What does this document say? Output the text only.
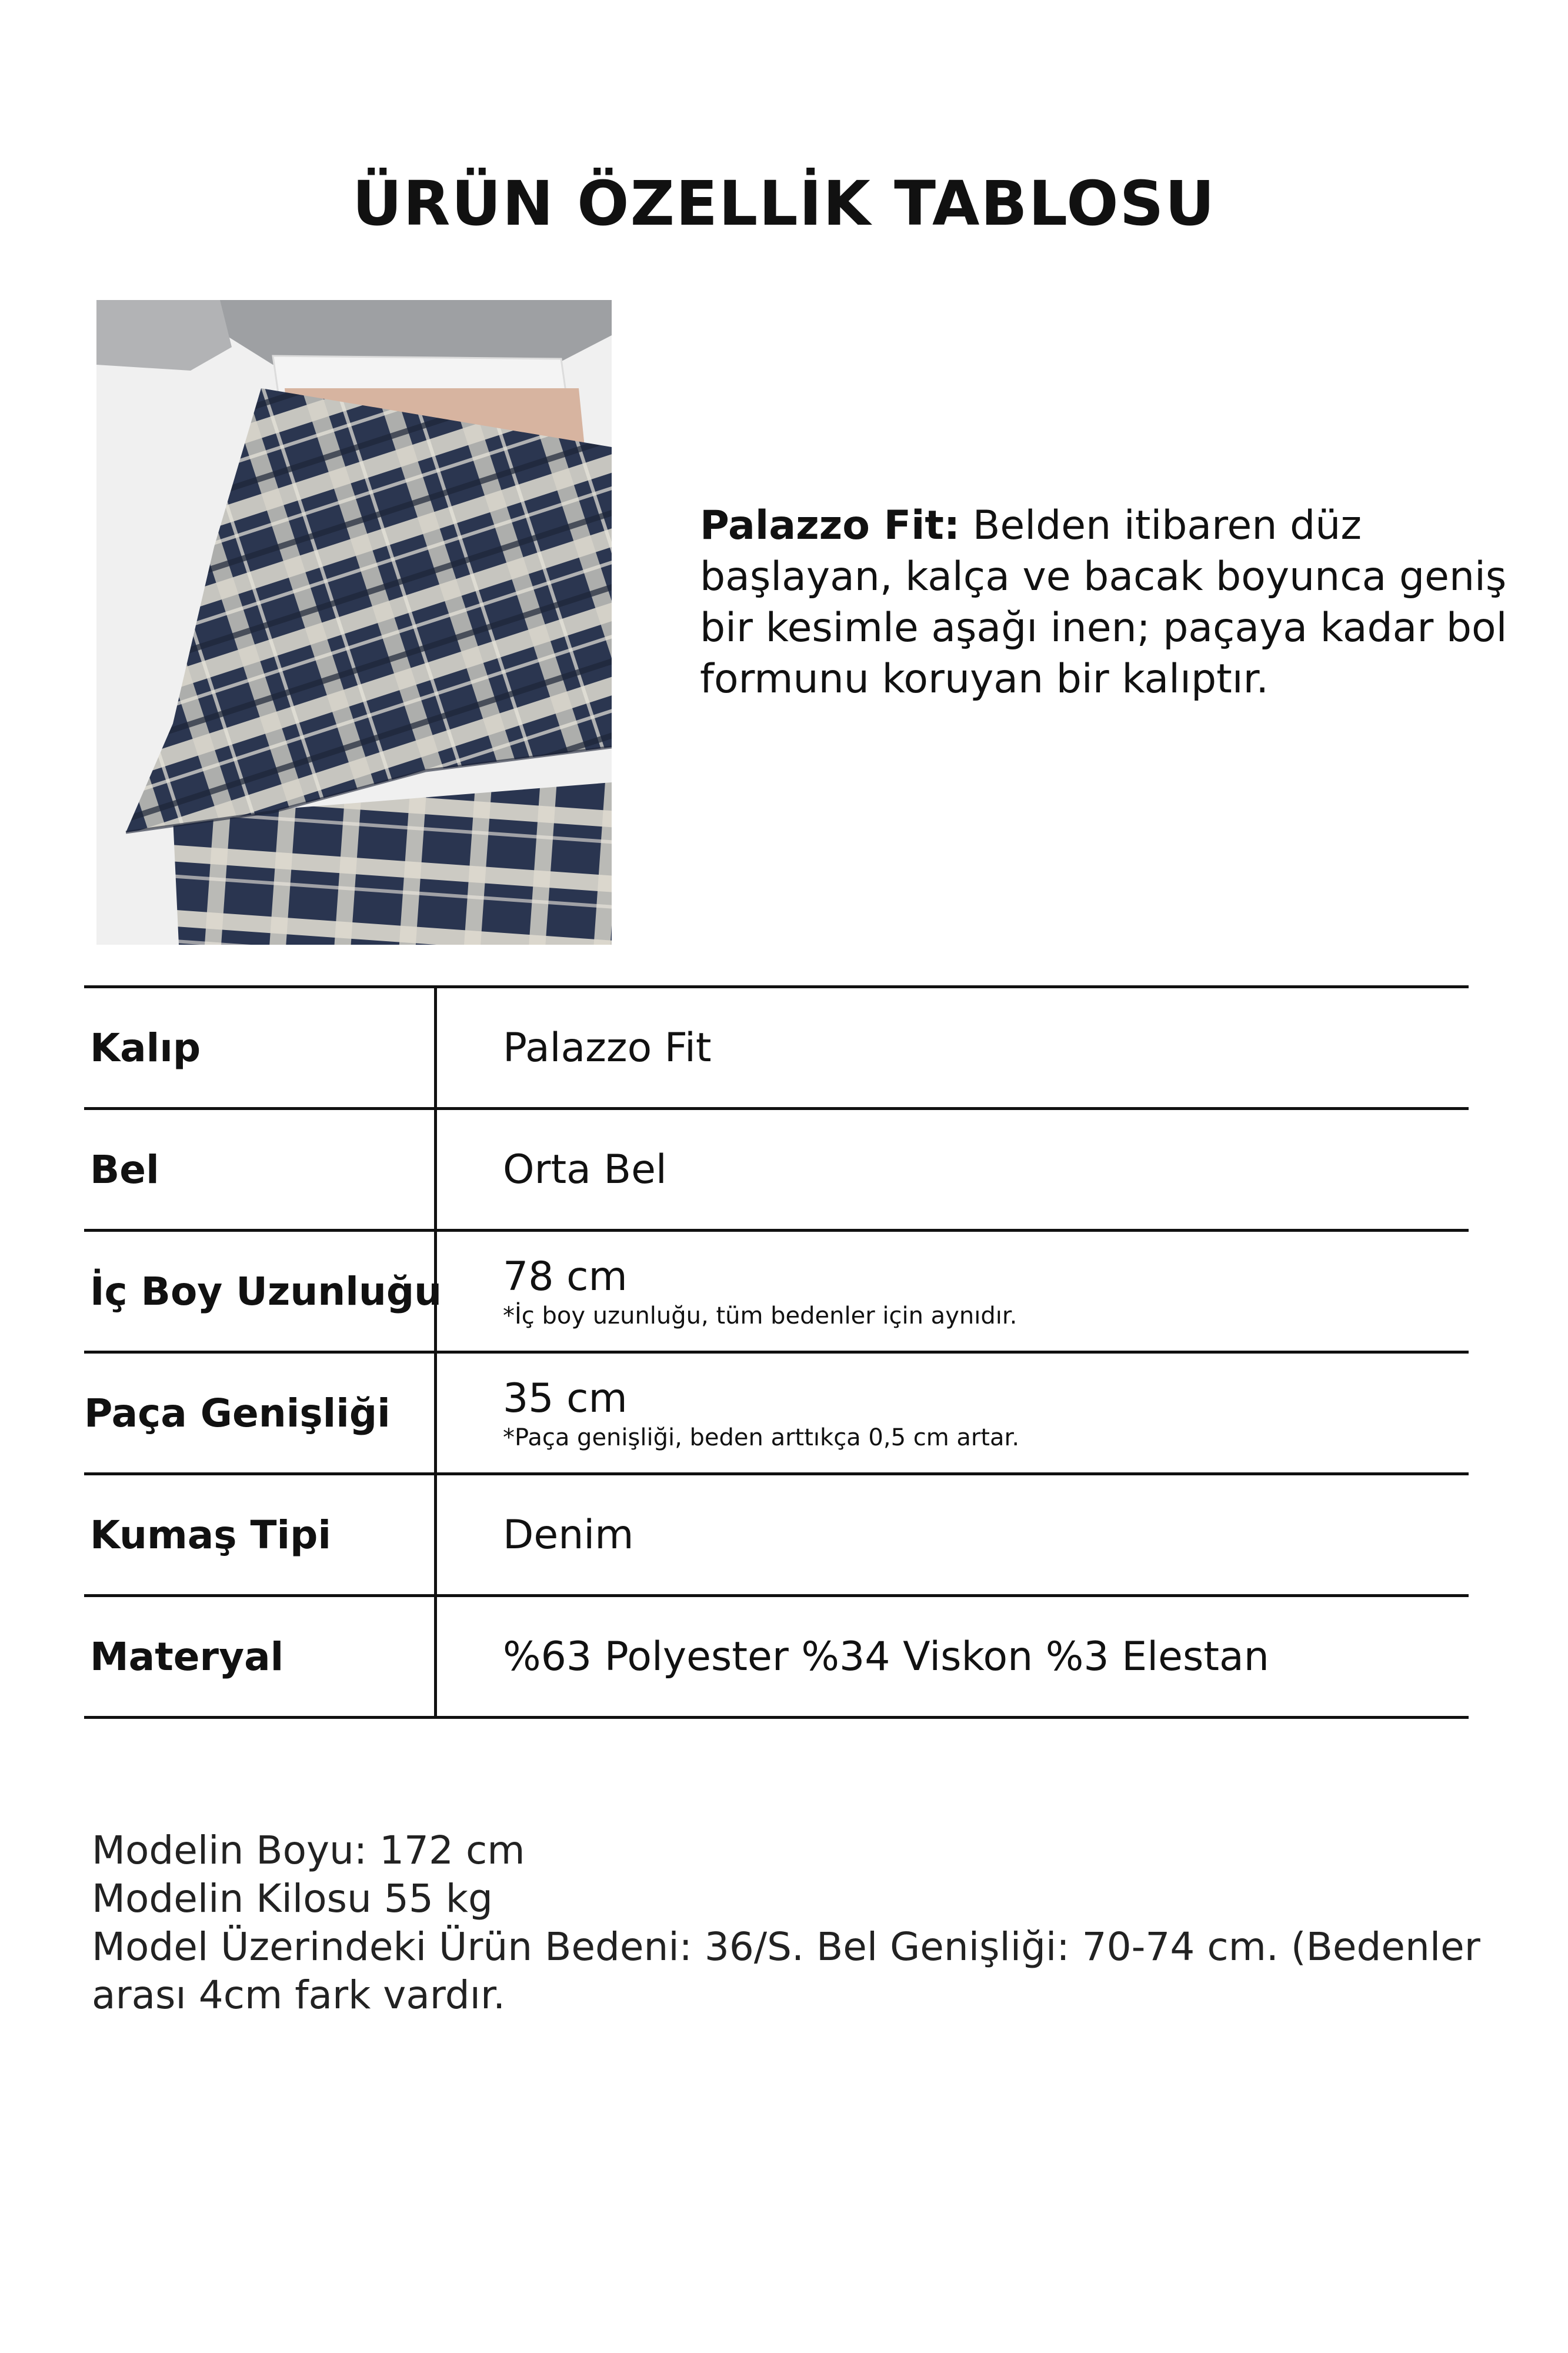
ÜRÜN ÖZELLİK TABLOSU
Palazzo Fit: Belden itibaren düz başlayan, kalça ve bacak boyunca geniş bir kesimle aşağı inen; paçaya kadar bol formunu koruyan bir kalıptır.
Kalıp	Palazzo Fit
Bel	Orta Bel
İç Boy Uzunluğu 78 cm
*İç boy uzunluğu, tüm bedenler için aynıdır.
Paça Genişliği	35 cm
*Paça genişliği, beden arttıkça 0,5 cm artar.
Kumaş Tipi	Denim
Materyal	%63 Polyester %34 Viskon %3 Elestan
Modelin Boyu: 172 cm
Modelin Kilosu 55 kg
Model Üzerindeki Ürün Bedeni: 36/S. Bel Genişliği: 70-74 cm. (Bedenler arası 4cm fark vardır.
